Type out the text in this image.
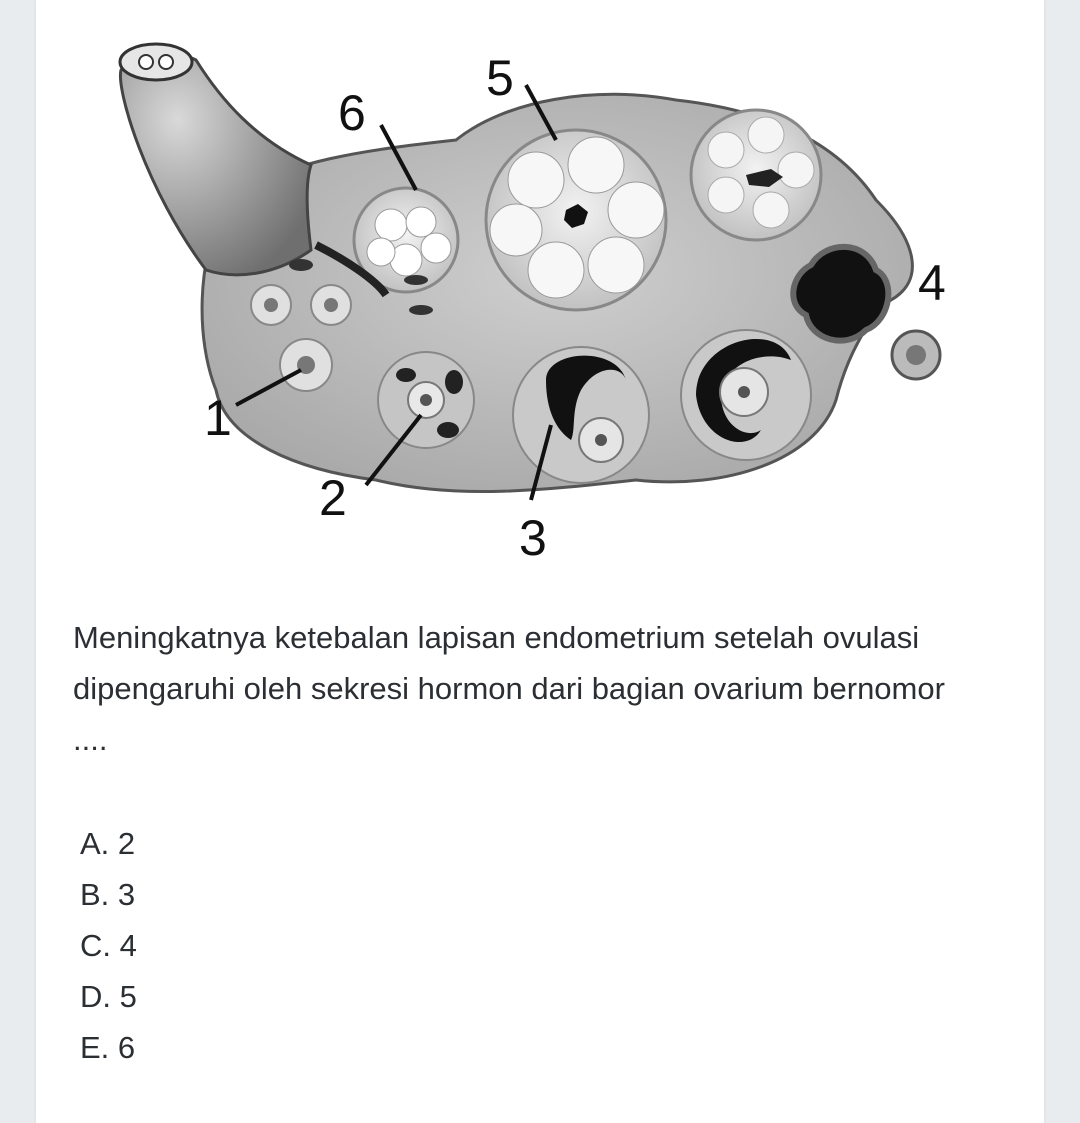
1
2
3
4
5
6

Meningkatnya ketebalan lapisan endometrium setelah ovulasi dipengaruhi oleh sekresi hormon dari bagian ovarium bernomor ....

A. 2
B. 3
C. 4
D. 5
E. 6
